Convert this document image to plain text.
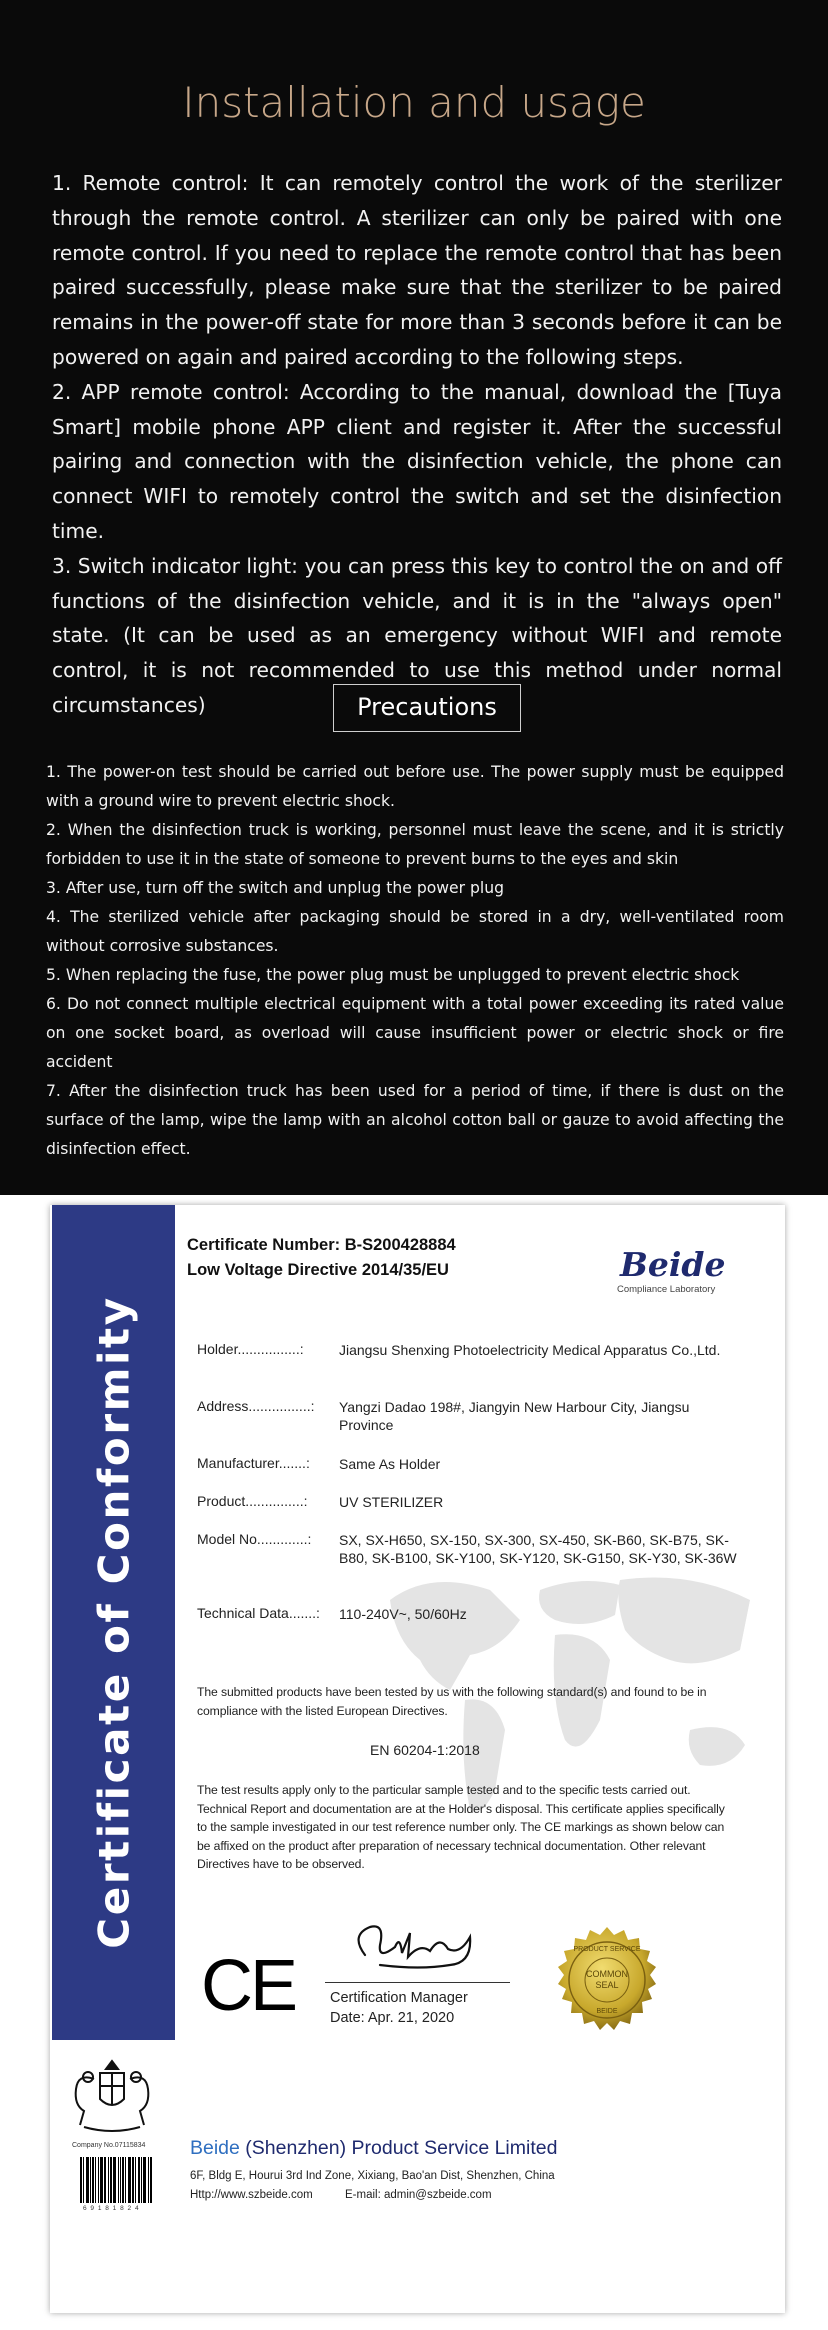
Installation and usage

1. Remote control: It can remotely control the work of the sterilizer through the remote control. A sterilizer can only be paired with one remote control. If you need to replace the remote control that has been paired successfully, please make sure that the sterilizer to be paired remains in the power-off state for more than 3 seconds before it can be powered on again and paired according to the following steps.

2. APP remote control: According to the manual, download the [Tuya Smart] mobile phone APP client and register it. After the successful pairing and connection with the disinfection vehicle, the phone can connect WIFI to remotely control the switch and set the disinfection time.

3. Switch indicator light: you can press this key to control the on and off functions of the disinfection vehicle, and it is in the "always open" state. (It can be used as an emergency without WIFI and remote control, it is not recommended to use this method under normal circumstances)	Precautions

1. The power-on test should be carried out before use. The power supply must be equipped with a ground wire to prevent electric shock.

2. When the disinfection truck is working, personnel must leave the scene, and it is strictly forbidden to use it in the state of someone to prevent burns to the eyes and skin

3. After use, turn off the switch and unplug the power plug

4. The sterilized vehicle after packaging should be stored in a dry, well-ventilated room without corrosive substances.

5. When replacing the fuse, the power plug must be unplugged to prevent electric shock

6. Do not connect multiple electrical equipment with a total power exceeding its rated value on one socket board, as overload will cause insufficient power or electric shock or fire accident

7. After the disinfection truck has been used for a period of time, if there is dust on the surface of the lamp, wipe the lamp with an alcohol cotton ball or gauze to avoid affecting the disinfection effect.

Certificate of Conformity
Certificate Number: B-S200428884
Low Voltage Directive 2014/35/EU	Beide
Compliance Laboratory
Holder................:	Jiangsu Shenxing Photoelectricity Medical Apparatus Co.,Ltd.
Address................:	Yangzi Dadao 198#, Jiangyin New Harbour City, Jiangsu Province
Manufacturer.......:	Same As Holder
Product...............:	UV STERILIZER
Model No.............:	SX, SX-H650, SX-150, SX-300, SX-450, SK-B60, SK-B75, SK-B80, SK-B100, SK-Y100, SK-Y120, SK-G150, SK-Y30, SK-36W
Technical Data.......:	110-240V~, 50/60Hz
The submitted products have been tested by us with the following standard(s) and found to be in compliance with the listed European Directives.
EN 60204-1:2018
The test results apply only to the particular sample tested and to the specific tests carried out. Technical Report and documentation are at the Holder's disposal. This certificate applies specifically to the sample investigated in our test reference number only. The CE markings as shown below can be affixed on the product after preparation of necessary technical documentation. Other relevant Directives have to be observed.
CE Certification Manager
Date: Apr. 21, 2020
COMMON
SEAL
PRODUCT SERVICE
BEIDE
Company No.07115834
6 9 1 8 1 8 2 4
Beide (Shenzhen) Product Service Limited
6F, Bldg E, Hourui 3rd Ind Zone, Xixiang, Bao'an Dist, Shenzhen, China
Http://www.szbeide.com	E-mail: admin@szbeide.com
